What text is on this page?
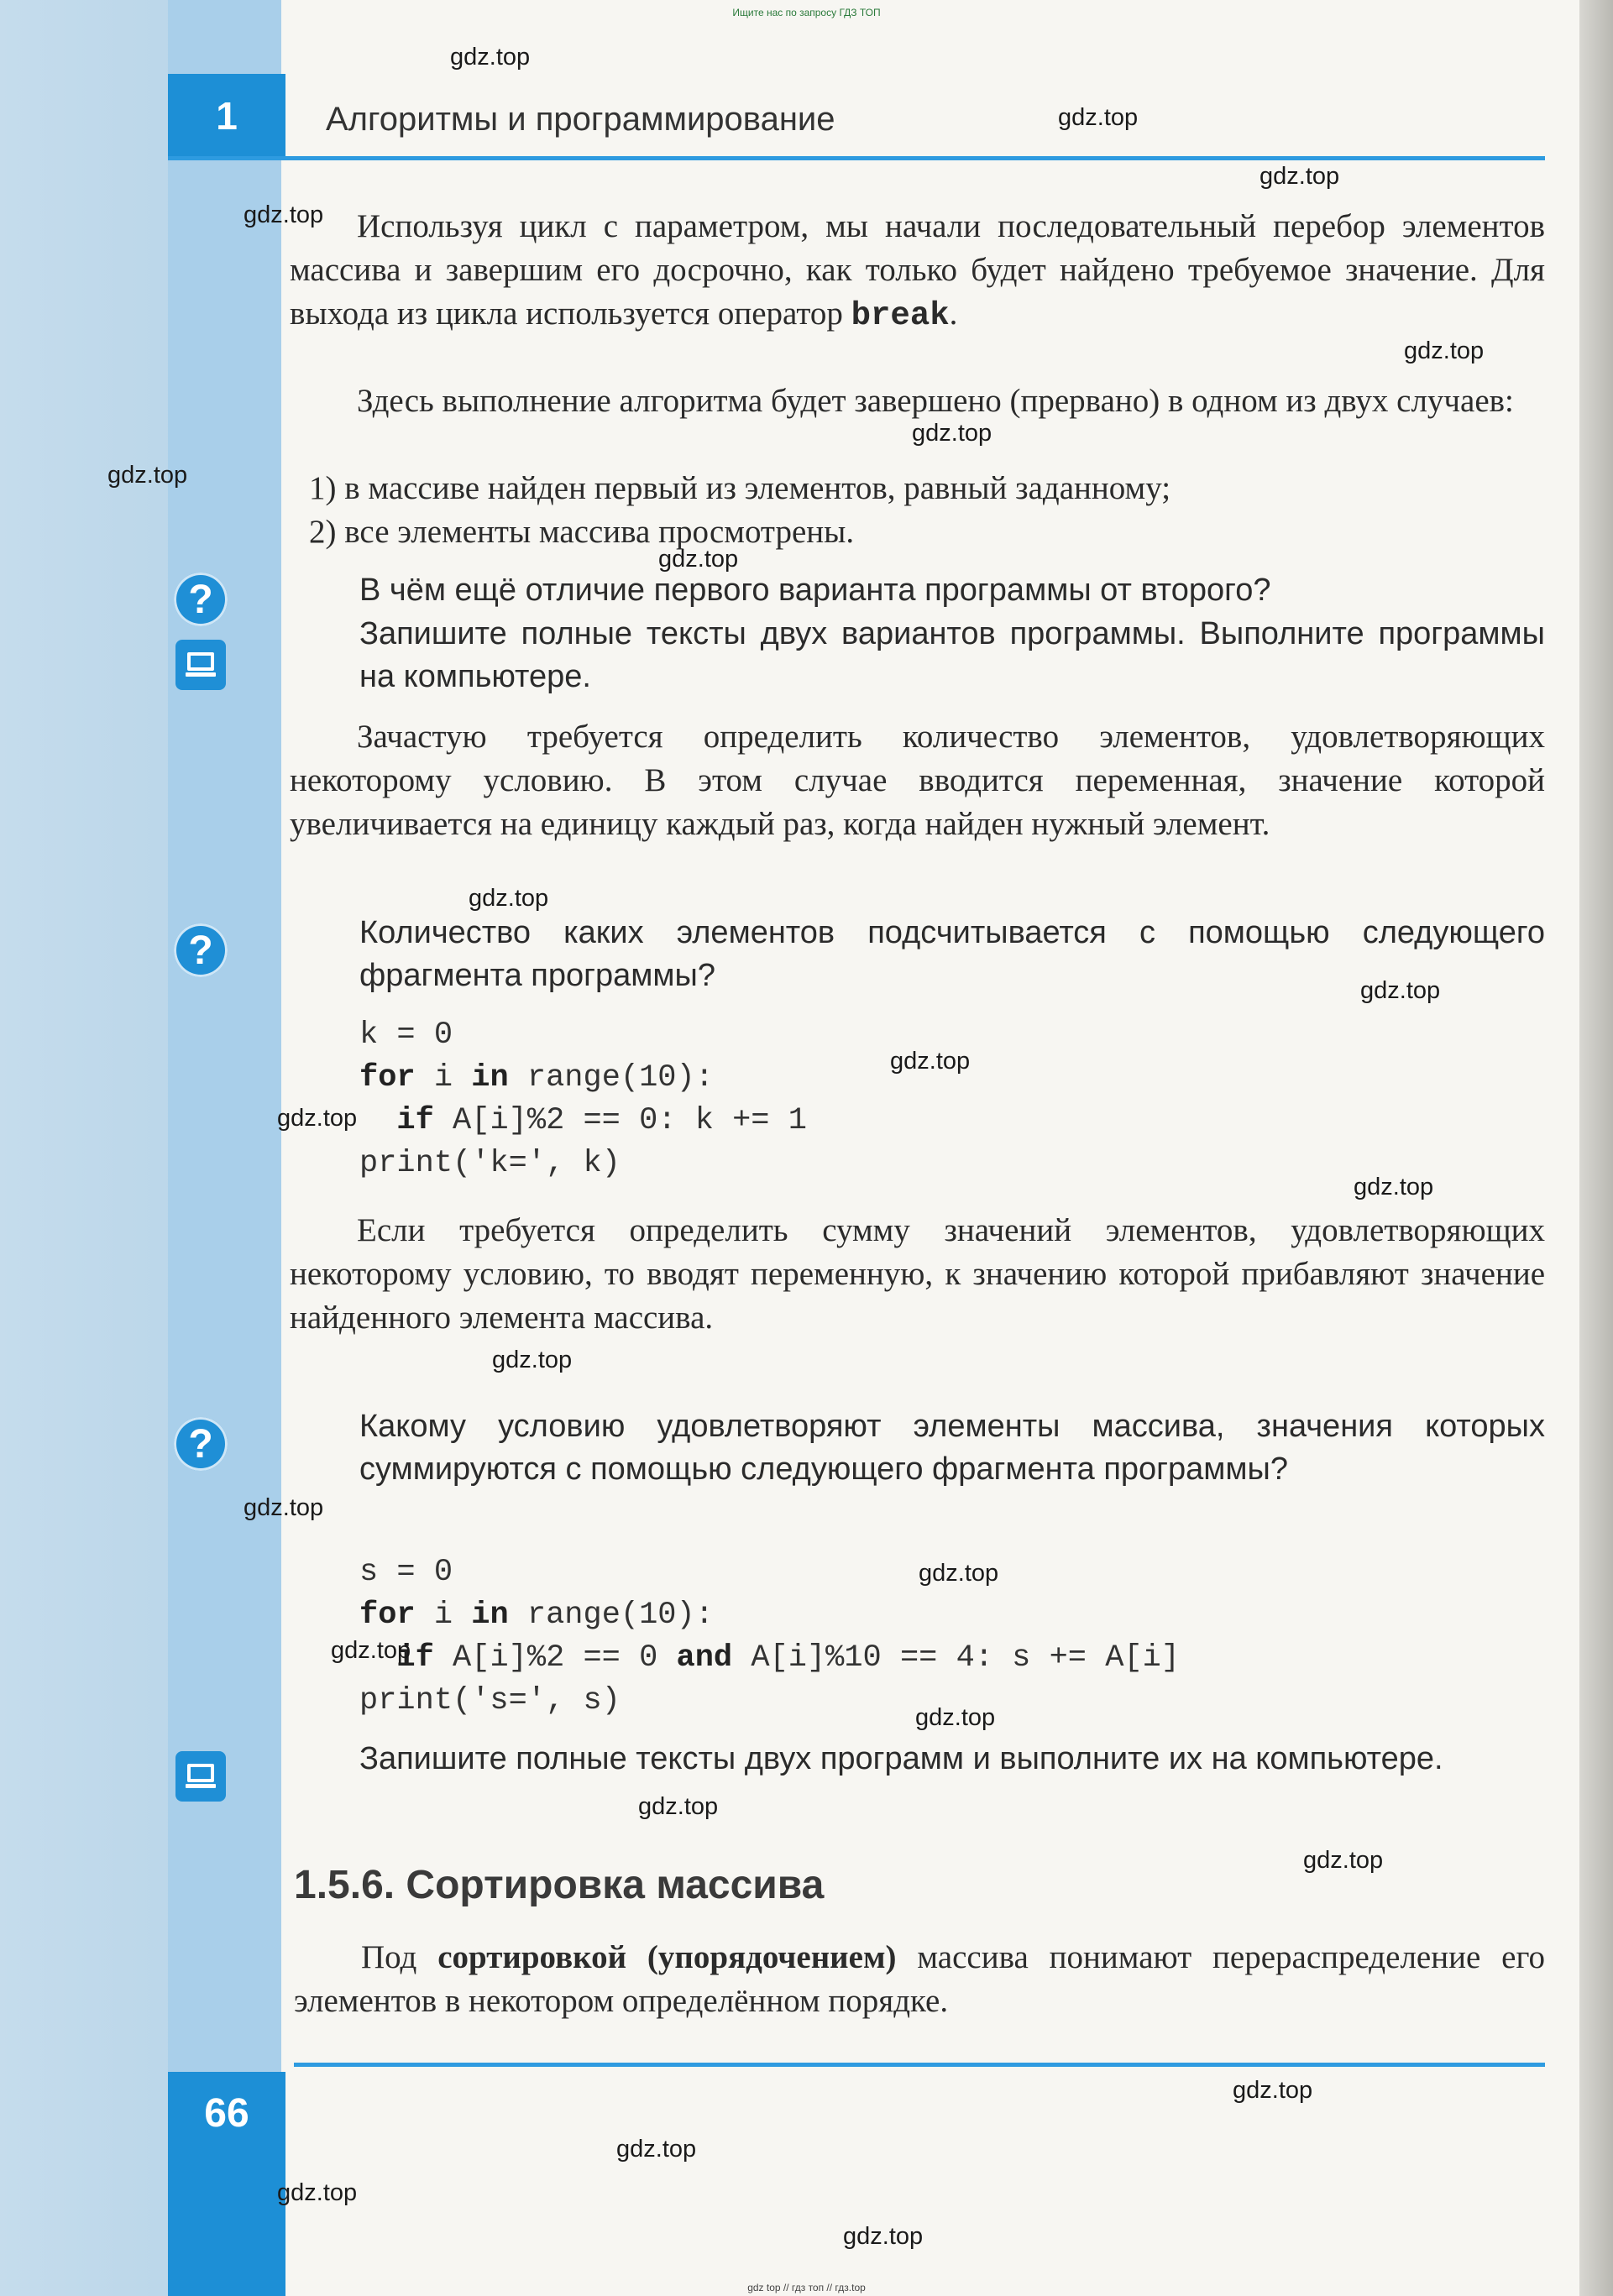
Ищите нас по запросу ГДЗ ТОП
1	Алгоритмы и программирование

Используя цикл с параметром, мы начали последовательный перебор элементов массива и завершим его досрочно, как только будет найдено требуемое значение. Для выхода из цикла используется оператор break.

Здесь выполнение алгоритма будет завершено (прервано) в одном из двух случаев:

1) в массиве найден первый из элементов, равный заданному;
2) все элементы массива просмотрены.
?	В чём ещё отличие первого варианта программы от второго?

Запишите полные тексты двух вариантов программы. Выполните программы на компьютере.

Зачастую требуется определить количество элементов, удовлетворяющих некоторому условию. В этом случае вводится переменная, значение которой увеличивается на единицу каждый раз, когда найден нужный элемент.

?	Количество каких элементов подсчитывается с помощью следующего фрагмента программы?

k = 0
for i in range(10):
if A[i]%2 == 0: k += 1
print('k=', k)

Если требуется определить сумму значений элементов, удовлетворяющих некоторому условию, то вводят переменную, к значению которой прибавляют значение найденного элемента массива.

?	Какому условию удовлетворяют элементы массива, значения которых суммируются с помощью следующего фрагмента программы?

s = 0
for i in range(10):
if A[i]%2 == 0 and A[i]%10 == 4: s += A[i]
print('s=', s)

Запишите полные тексты двух программ и выполните их на компьютере.

1.5.6. Сортировка массива

Под сортировкой (упорядочением) массива понимают перераспределение его элементов в некотором определённом порядке.

66
gdz top // гдз топ // гдз.top
gdz.top
gdz.top
gdz.top
gdz.top
gdz.top
gdz.top
gdz.top
gdz.top
gdz.top
gdz.top
gdz.top
gdz.top
gdz.top
gdz.top
gdz.top
gdz.top
gdz.top
gdz.top
gdz.top
gdz.top
gdz.top
gdz.top
gdz.top
gdz.top
